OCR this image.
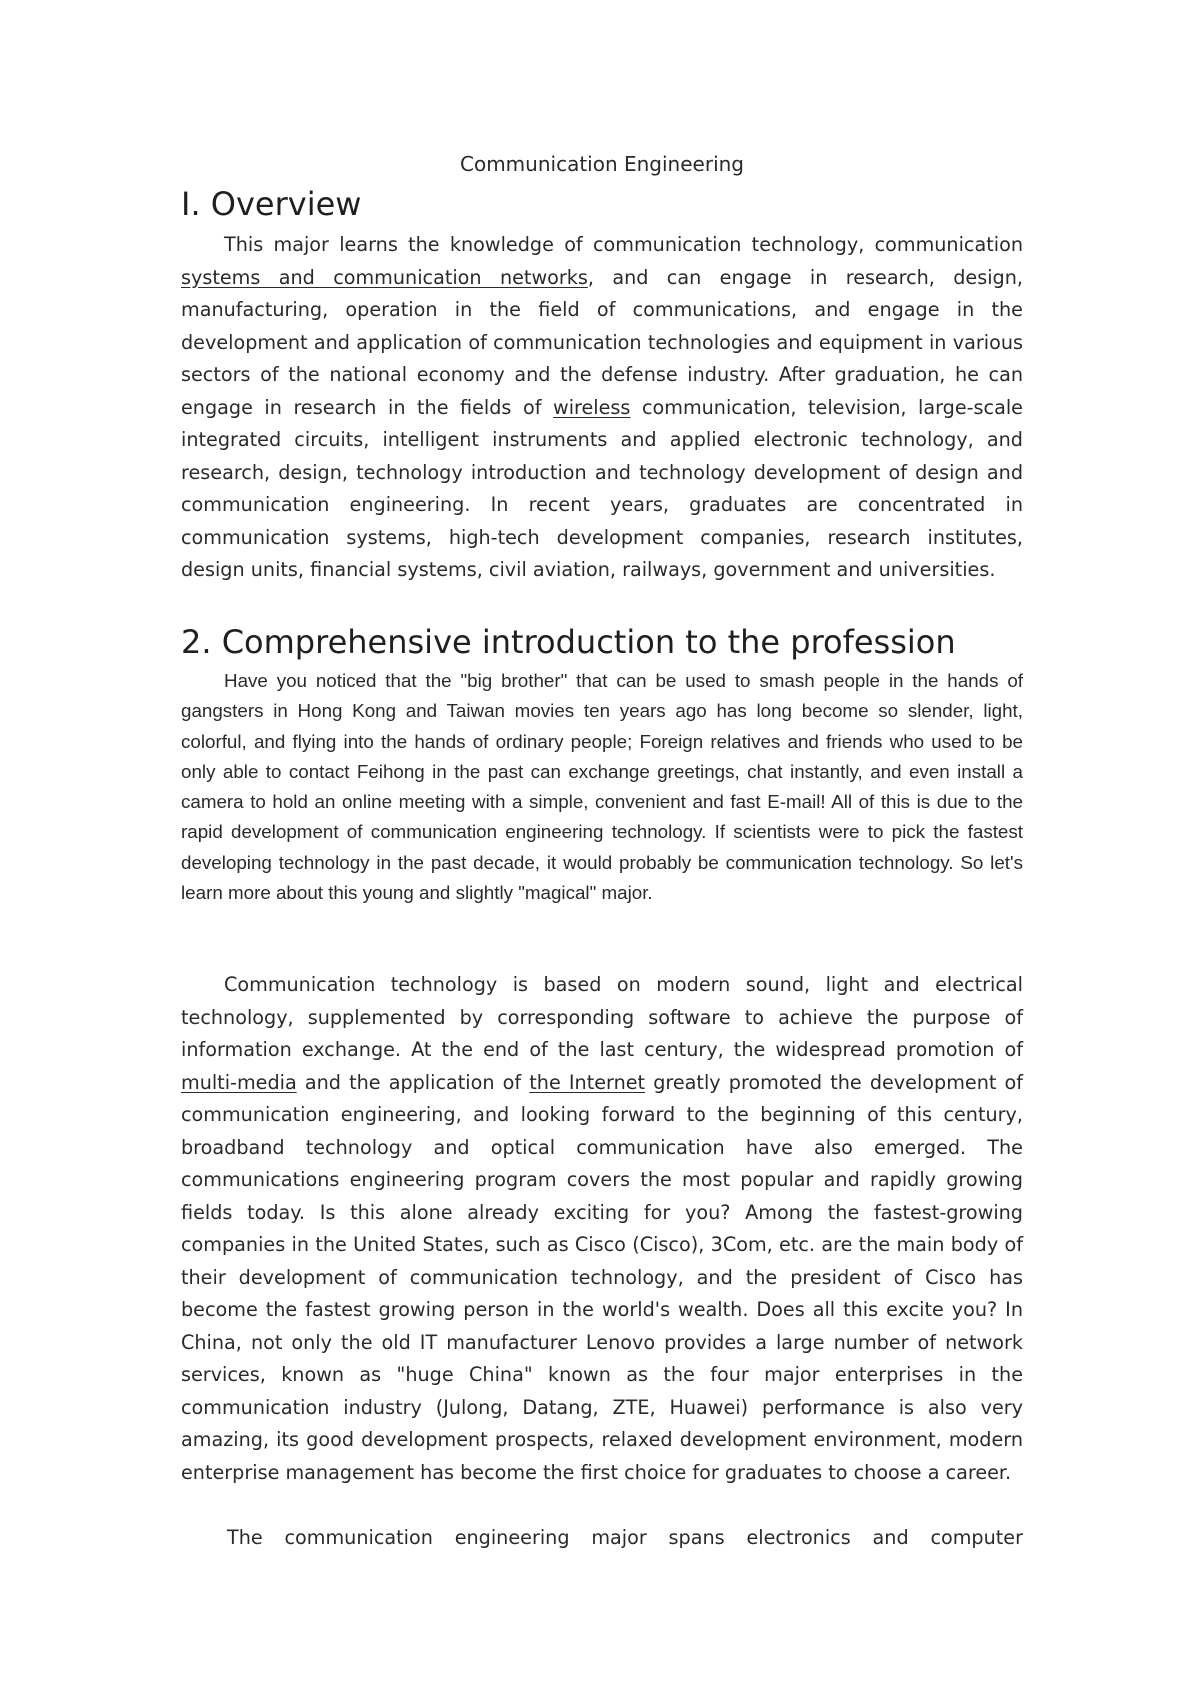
Communication Engineering
I. Overview

This major learns the knowledge of communication technology, communication systems and communication networks, and can engage in research, design, manufacturing, operation in the field of communications, and engage in the development and application of communication technologies and equipment in various sectors of the national economy and the defense industry. After graduation, he can engage in research in the fields of wireless communication, television, large-scale integrated circuits, intelligent instruments and applied electronic technology, and research, design, technology introduction and technology development of design and communication engineering. In recent years, graduates are concentrated in communication systems, high-tech development companies, research institutes, design units, financial systems, civil aviation, railways, government and universities.

2. Comprehensive introduction to the profession

Have you noticed that the "big brother" that can be used to smash people in the hands of gangsters in Hong Kong and Taiwan movies ten years ago has long become so slender, light, colorful, and flying into the hands of ordinary people; Foreign relatives and friends who used to be only able to contact Feihong in the past can exchange greetings, chat instantly, and even install a camera to hold an online meeting with a simple, convenient and fast E-mail! All of this is due to the rapid development of communication engineering technology. If scientists were to pick the fastest developing technology in the past decade, it would probably be communication technology. So let's learn more about this young and slightly "magical" major.

Communication technology is based on modern sound, light and electrical technology, supplemented by corresponding software to achieve the purpose of information exchange. At the end of the last century, the widespread promotion of multi-media and the application of the Internet greatly promoted the development of communication engineering, and looking forward to the beginning of this century, broadband technology and optical communication have also emerged. The communications engineering program covers the most popular and rapidly growing fields today. Is this alone already exciting for you? Among the fastest-growing companies in the United States, such as Cisco (Cisco), 3Com, etc. are the main body of their development of communication technology, and the president of Cisco has become the fastest growing person in the world's wealth. Does all this excite you? In China, not only the old IT manufacturer Lenovo provides a large number of network services, known as "huge China" known as the four major enterprises in the communication industry (Julong, Datang, ZTE, Huawei) performance is also very amazing, its good development prospects, relaxed development environment, modern enterprise management has become the first choice for graduates to choose a career.

The communication engineering major spans electronics and computer
